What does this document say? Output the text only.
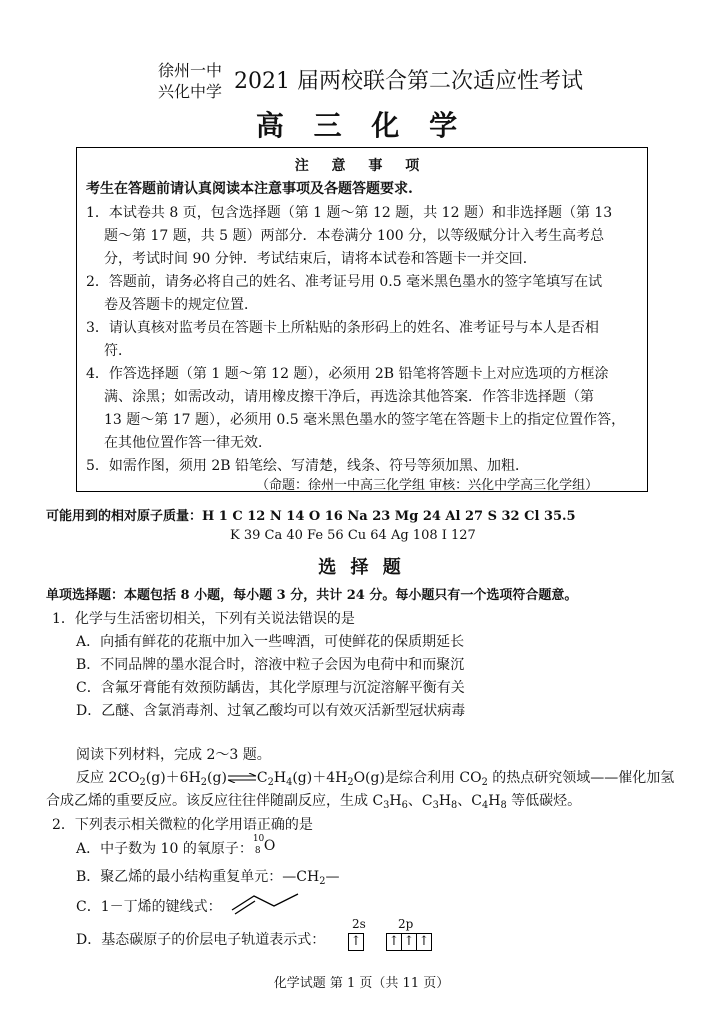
徐州一中
兴化中学 2021 届两校联合第二次适应性考试
高 三 化 学
注 意 事 项
考生在答题前请认真阅读本注意事项及各题答题要求.
1．本试卷共 8 页，包含选择题（第 1 题～第 12 题，共 12 题）和非选择题（第 13
题～第 17 题，共 5 题）两部分．本卷满分 100 分，以等级赋分计入考生高考总
分，考试时间 90 分钟．考试结束后，请将本试卷和答题卡一并交回．
2．答题前，请务必将自己的姓名、准考证号用 0.5 毫米黑色墨水的签字笔填写在试
卷及答题卡的规定位置．
3．请认真核对监考员在答题卡上所粘贴的条形码上的姓名、准考证号与本人是否相
符．
4．作答选择题（第 1 题～第 12 题），必须用 2B 铅笔将答题卡上对应选项的方框涂
满、涂黑；如需改动，请用橡皮擦干净后，再选涂其他答案．作答非选择题（第
13 题～第 17 题），必须用 0.5 毫米黑色墨水的签字笔在答题卡上的指定位置作答，
在其他位置作答一律无效．
5．如需作图，须用 2B 铅笔绘、写清楚，线条、符号等须加黑、加粗．
（命题：徐州一中高三化学组 审核：兴化中学高三化学组）
可能用到的相对原子质量：H 1 C 12 N 14 O 16 Na 23 Mg 24 Al 27 S 32 Cl 35.5
K 39 Ca 40 Fe 56 Cu 64 Ag 108 I 127
选 择 题
单项选择题：本题包括 8 小题，每小题 3 分，共计 24 分。每小题只有一个选项符合题意。
1．化学与生活密切相关，下列有关说法错误的是
A．向插有鲜花的花瓶中加入一些啤酒，可使鲜花的保质期延长
B．不同品牌的墨水混合时，溶液中粒子会因为电荷中和而聚沉
C．含氟牙膏能有效预防龋齿，其化学原理与沉淀溶解平衡有关
D．乙醚、含氯消毒剂、过氧乙酸均可以有效灭活新型冠状病毒
阅读下列材料，完成 2～3 题。
反应 $2CO_2(g)+6H_2(g)\rightleftharpoons C_2H_4(g)+4H_2O(g)$是综合利用 $CO_2$ 的热点研究领域——催化加氢
合成乙烯的重要反应。该反应往往伴随副反应，生成 $C_3H_6$、$C_3H_8$、$C_4H_8$ 等低碳烃。
2．下列表示相关微粒的化学用语正确的是
A．中子数为 10 的氧原子：
10
8 O
B．聚乙烯的最小结构重复单元：$—CH_2—$
C．1－丁烯的键线式：
D．基态碳原子的价层电子轨道表示式：
2s	2p
↑ ↑ ↑ ↑
化学试题 第 1 页（共 11 页）
